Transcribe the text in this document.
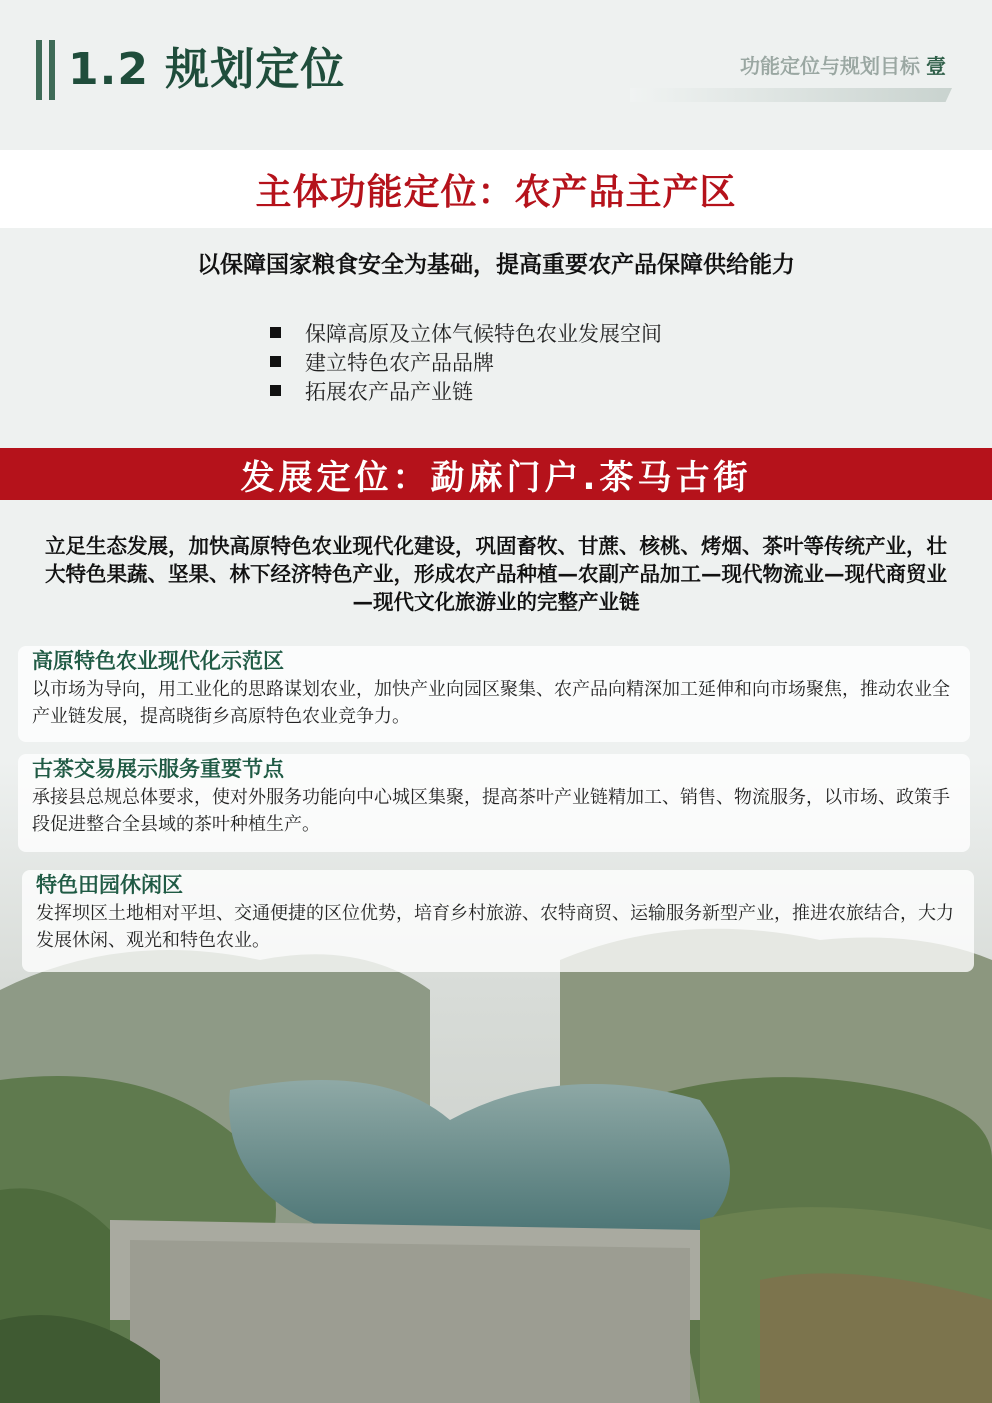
1.2 规划定位	功能定位与规划目标 壹
主体功能定位：农产品主产区
以保障国家粮食安全为基础，提高重要农产品保障供给能力
保障高原及立体气候特色农业发展空间
建立特色农产品品牌
拓展农产品产业链
发展定位：勐麻门户.茶马古街
立足生态发展，加快高原特色农业现代化建设，巩固畜牧、甘蔗、核桃、烤烟、茶叶等传统产业，壮大特色果蔬、坚果、林下经济特色产业，形成农产品种植—农副产品加工—现代物流业—现代商贸业—现代文化旅游业的完整产业链
高原特色农业现代化示范区
以市场为导向，用工业化的思路谋划农业，加快产业向园区聚集、农产品向精深加工延伸和向市场聚焦，推动农业全产业链发展，提高晓街乡高原特色农业竞争力。
古茶交易展示服务重要节点
承接县总规总体要求，使对外服务功能向中心城区集聚，提高茶叶产业链精加工、销售、物流服务，以市场、政策手段促进整合全县域的茶叶种植生产。
特色田园休闲区
发挥坝区土地相对平坦、交通便捷的区位优势，培育乡村旅游、农特商贸、运输服务新型产业，推进农旅结合，大力发展休闲、观光和特色农业。
